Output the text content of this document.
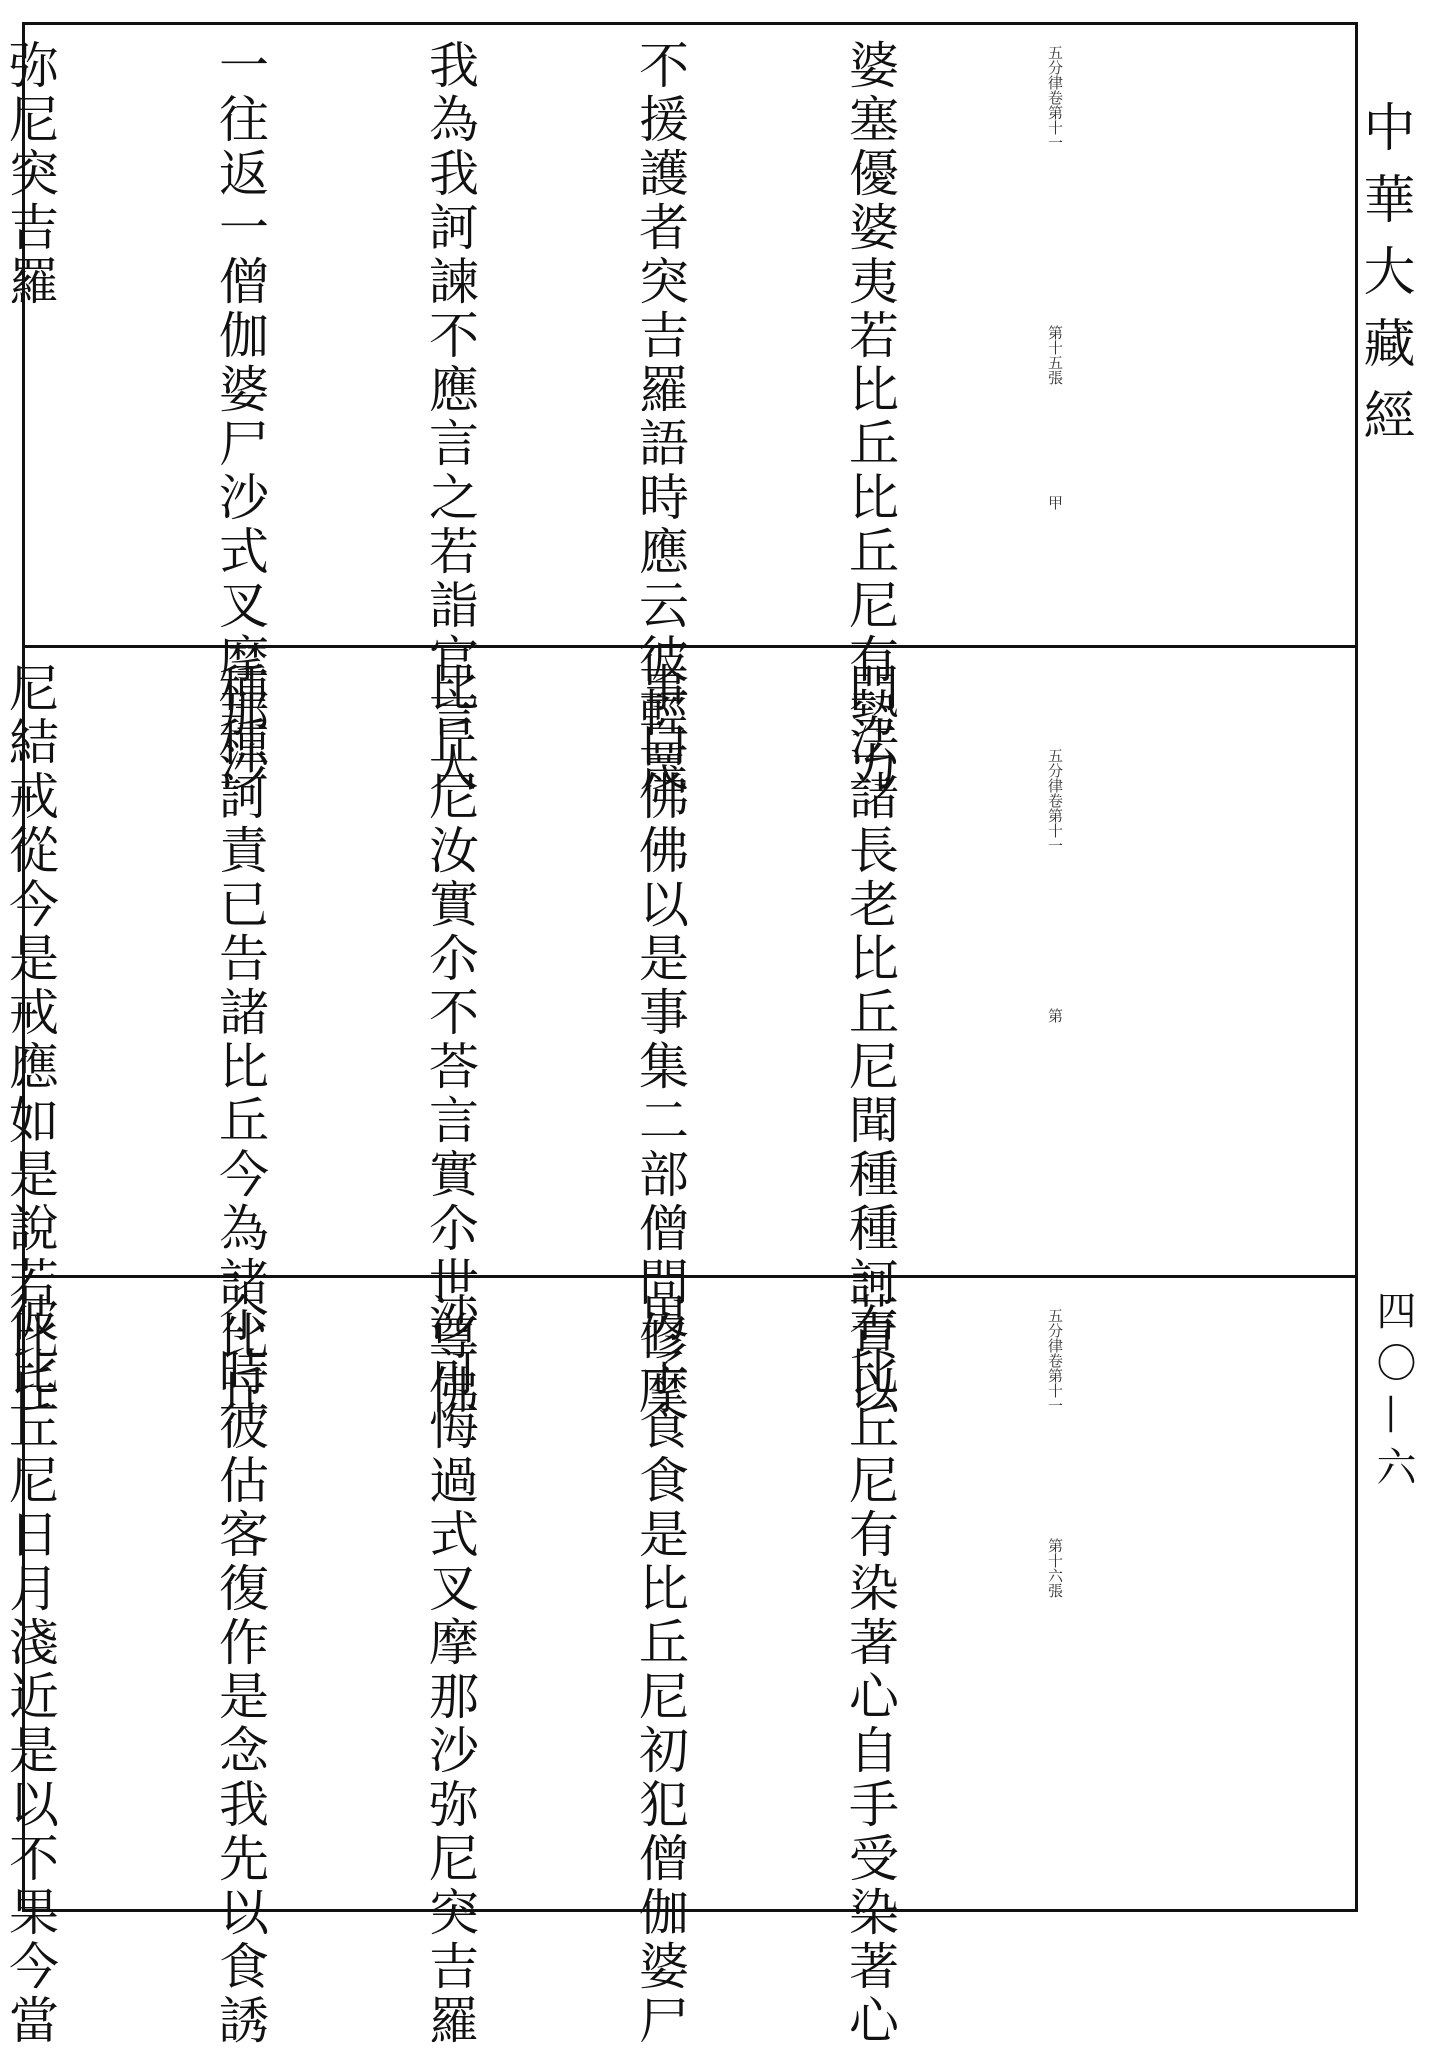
婆塞優婆夷若比丘比丘尼有勢力

不援護者突吉羅語時應云彼輕蔑

我為我訶諫不應言之若詣官言人

一往返一僧伽婆尸沙式叉摩那沙

弥尼突吉羅

	五分律卷第十一
第十五張
甲

門法諸長老比丘尼聞種種訶責以

事白佛佛以是事集二部僧問修摩

比丘尼汝實尒不荅言實尒世尊佛

種種訶責已告諸比丘今為諸比丘

尼結戒從今是戒應如是說若比丘

	五分律卷第十一
第

若比丘尼有染著心自手受染著心

男子食食是比丘尼初犯僧伽婆尸

沙可悔過式叉摩那沙弥尼突吉羅

尒時彼估客復作是念我先以食誘

彼比丘尼日月淺近是以不果今當

	五分律卷第十一
第十六張
中華大藏經
四〇—六
